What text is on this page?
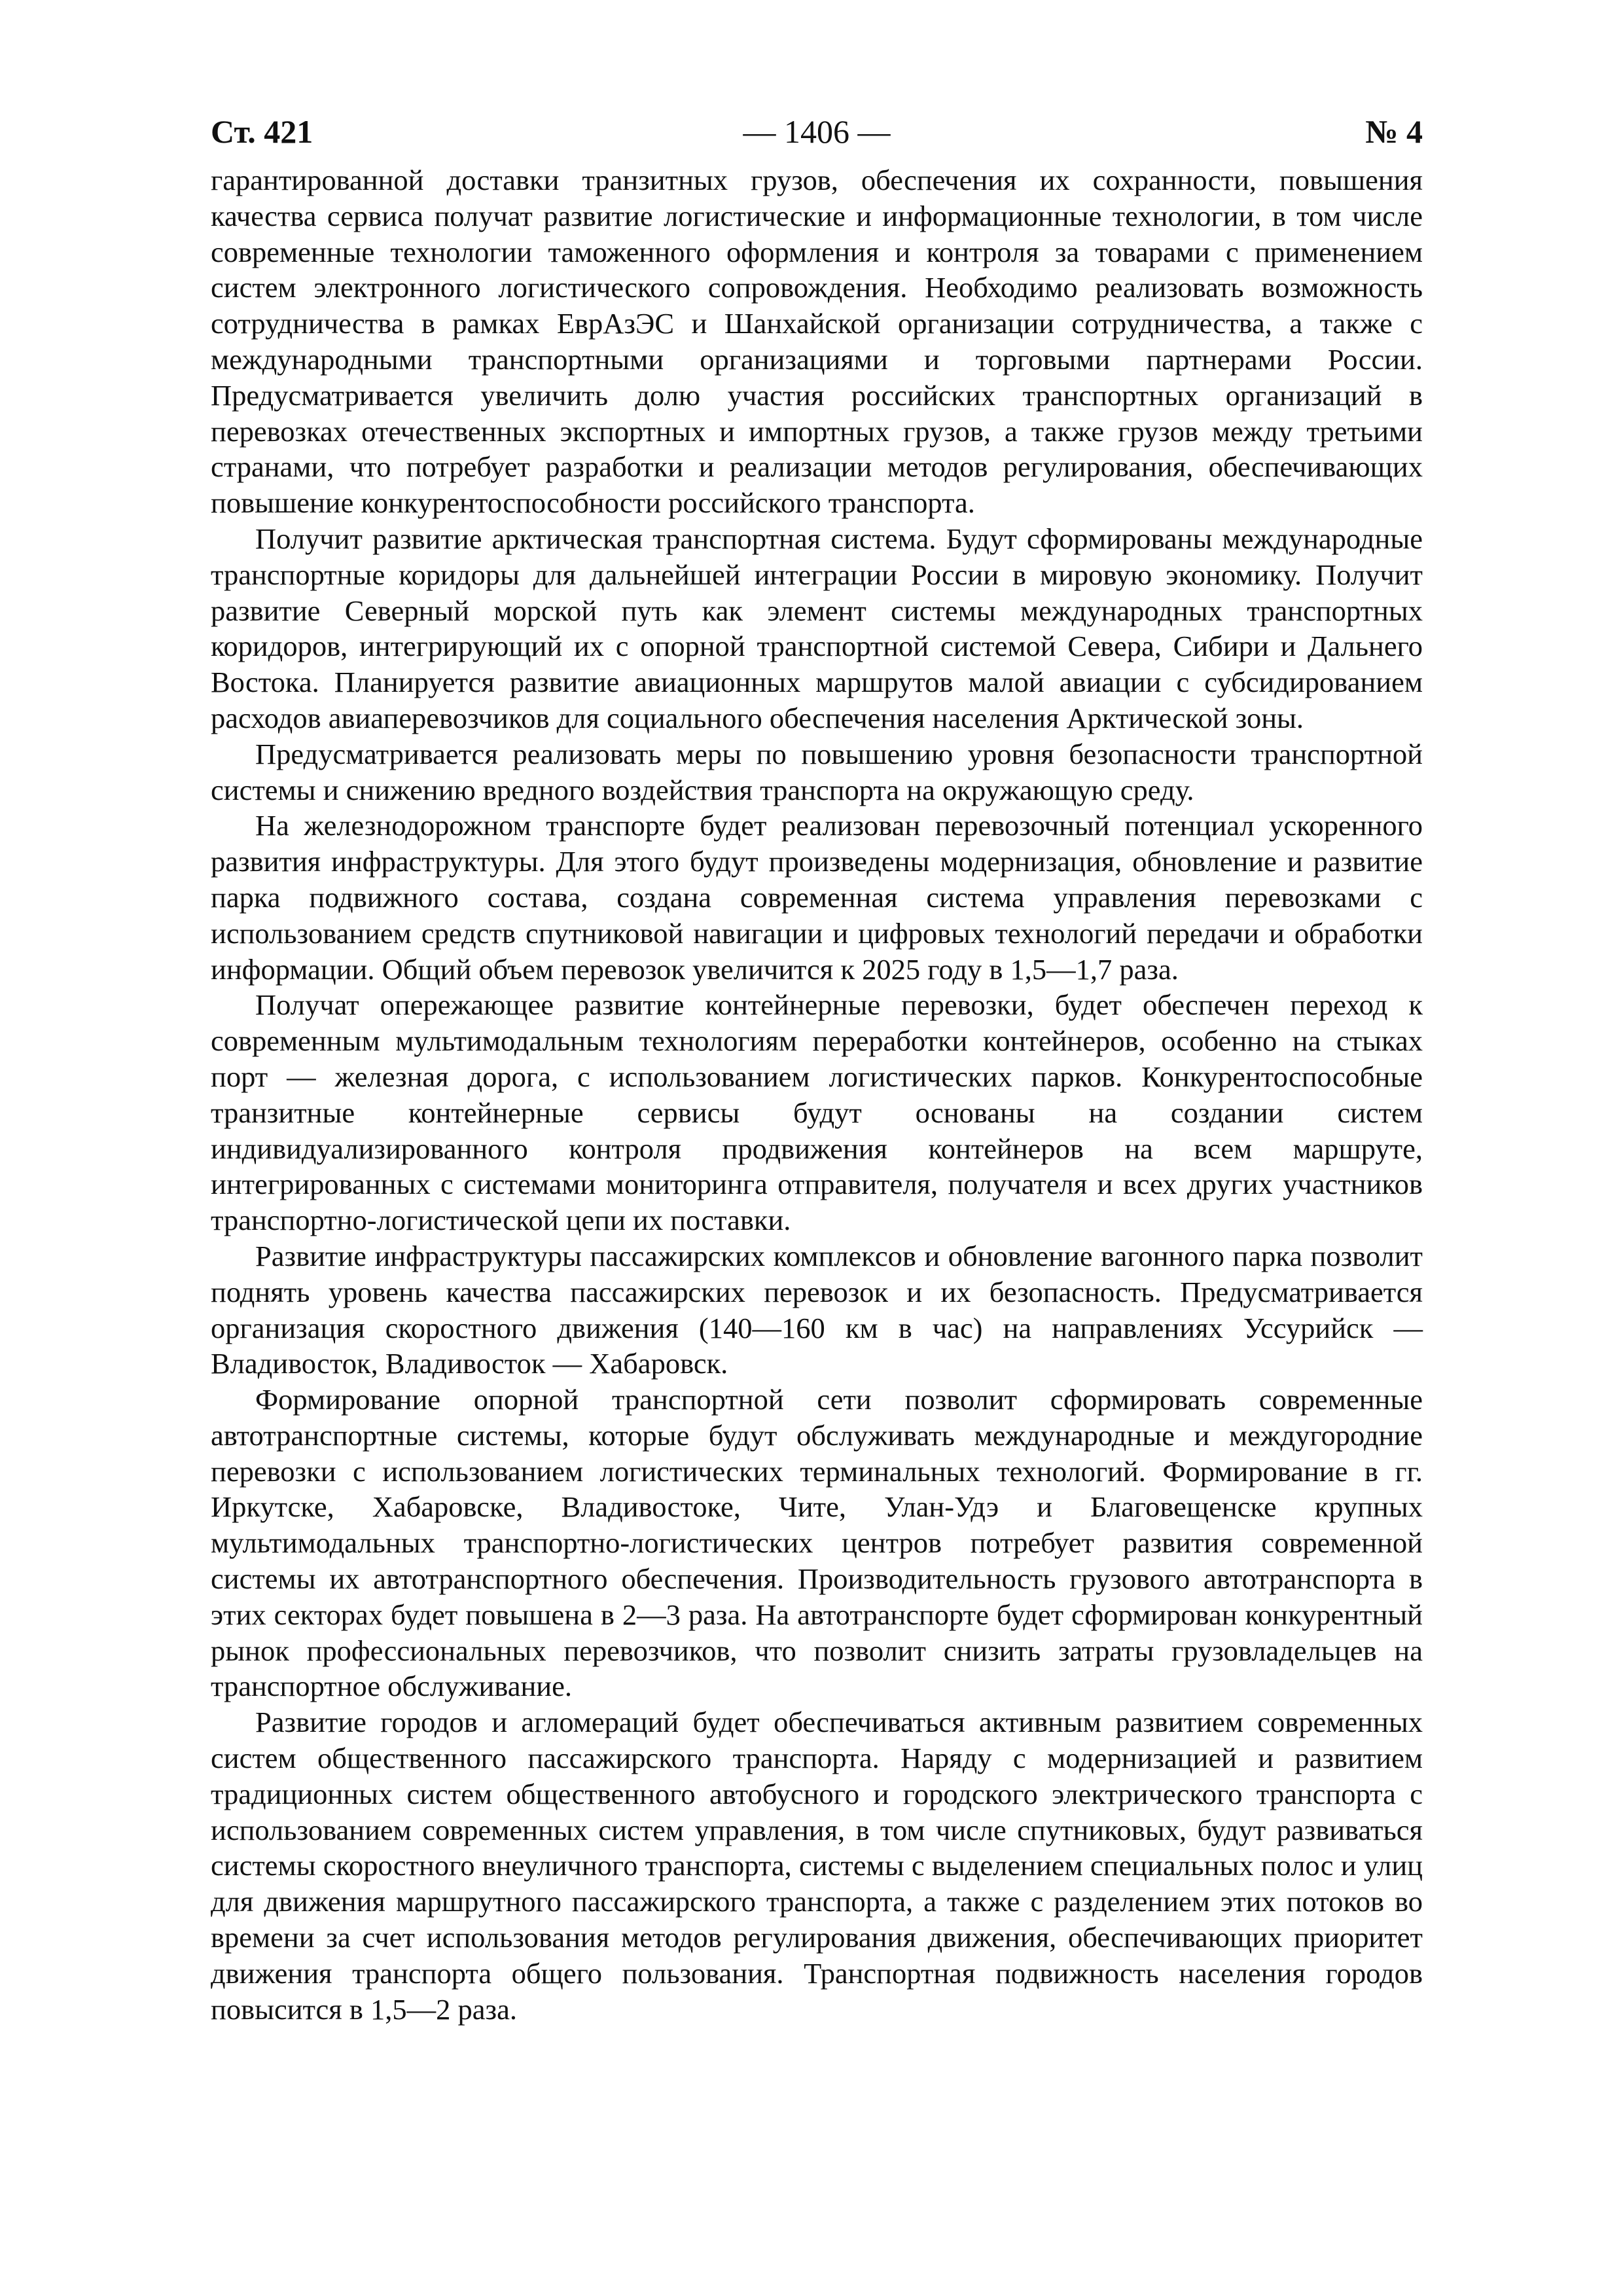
Ст. 421	— 1406 —	№ 4

гарантированной доставки транзитных грузов, обеспечения их сохранности, повышения качества сервиса получат развитие логистические и информационные технологии, в том числе современные технологии таможенного оформления и контроля за товарами с применением систем электронного логистического сопровождения. Необходимо реализовать возможность сотрудничества в рамках ЕврАзЭС и Шанхайской организации сотрудничества, а также с международными транспортными организациями и торговыми партнерами России. Предусматривается увеличить долю участия российских транспортных организаций в перевозках отечественных экспортных и импортных грузов, а также грузов между третьими странами, что потребует разработки и реализации методов регулирования, обеспечивающих повышение конкурентоспособности российского транспорта.

Получит развитие арктическая транспортная система. Будут сформированы международные транспортные коридоры для дальнейшей интеграции России в мировую экономику. Получит развитие Северный морской путь как элемент системы международных транспортных коридоров, интегрирующий их с опорной транспортной системой Севера, Сибири и Дальнего Востока. Планируется развитие авиационных маршрутов малой авиации с субсидированием расходов авиаперевозчиков для социального обеспечения населения Арктической зоны.

Предусматривается реализовать меры по повышению уровня безопасности транспортной системы и снижению вредного воздействия транспорта на окружающую среду.

На железнодорожном транспорте будет реализован перевозочный потенциал ускоренного развития инфраструктуры. Для этого будут произведены модернизация, обновление и развитие парка подвижного состава, создана современная система управления перевозками с использованием средств спутниковой навигации и цифровых технологий передачи и обработки информации. Общий объем перевозок увеличится к 2025 году в 1,5—1,7 раза.

Получат опережающее развитие контейнерные перевозки, будет обеспечен переход к современным мультимодальным технологиям переработки контейнеров, особенно на стыках порт — железная дорога, с использованием логистических парков. Конкурентоспособные транзитные контейнерные сервисы будут основаны на создании систем индивидуализированного контроля продвижения контейнеров на всем маршруте, интегрированных с системами мониторинга отправителя, получателя и всех других участников транспортно-логистической цепи их поставки.

Развитие инфраструктуры пассажирских комплексов и обновление вагонного парка позволит поднять уровень качества пассажирских перевозок и их безопасность. Предусматривается организация скоростного движения (140—160 км в час) на направлениях Уссурийск — Владивосток, Владивосток — Хабаровск.

Формирование опорной транспортной сети позволит сформировать современные автотранспортные системы, которые будут обслуживать международные и междугородние перевозки с использованием логистических терминальных технологий. Формирование в гг. Иркутске, Хабаровске, Владивостоке, Чите, Улан-Удэ и Благовещенске крупных мультимодальных транспортно-логистических центров потребует развития современной системы их автотранспортного обеспечения. Производительность грузового автотранспорта в этих секторах будет повышена в 2—3 раза. На автотранспорте будет сформирован конкурентный рынок профессиональных перевозчиков, что позволит снизить затраты грузовладельцев на транспортное обслуживание.

Развитие городов и агломераций будет обеспечиваться активным развитием современных систем общественного пассажирского транспорта. Наряду с модернизацией и развитием традиционных систем общественного автобусного и городского электрического транспорта с использованием современных систем управления, в том числе спутниковых, будут развиваться системы скоростного внеуличного транспорта, системы с выделением специальных полос и улиц для движения маршрутного пассажирского транспорта, а также с разделением этих потоков во времени за счет использования методов регулирования движения, обеспечивающих приоритет движения транспорта общего пользования. Транспортная подвижность населения городов повысится в 1,5—2 раза.
